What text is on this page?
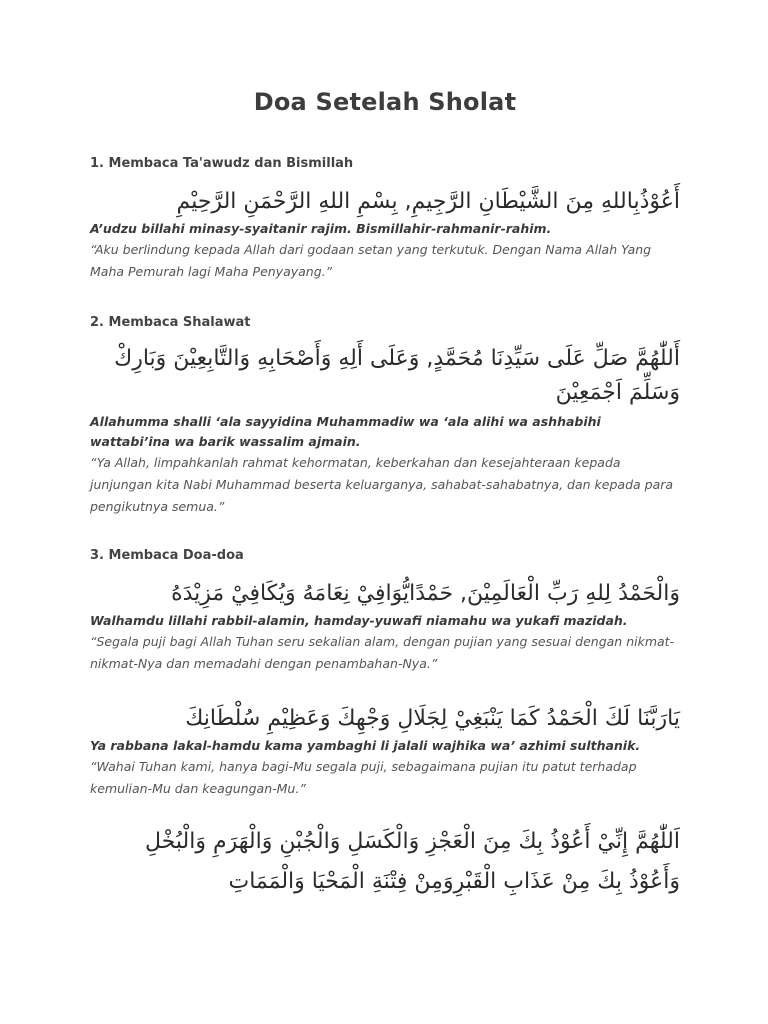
Doa Setelah Sholat

1. Membaca Ta'awudz dan Bismillah

أَعُوْذُبِاللهِ مِنَ الشَّيْطَانِ الرَّجِيمِ, بِسْمِ اللهِ الرَّحْمَنِ الرَّحِيْمِ

A’udzu billahi minasy-syaitanir rajim. Bismillahir-rahmanir-rahim.

“Aku berlindung kepada Allah dari godaan setan yang terkutuk. Dengan Nama Allah Yang Maha Pemurah lagi Maha Penyayang.”

2. Membaca Shalawat

أَللّٰهُمَّ صَلِّ عَلَى سَيِّدِنَا مُحَمَّدٍ, وَعَلَى أَلِهِ وَأَصْحَابِهِ وَالتَّابِعِيْنَ وَبَارِكْ وَسَلِّمَ اَجْمَعِيْنَ

Allahumma shalli ‘ala sayyidina Muhammadiw wa ‘ala alihi wa ashhabihi wattabi’ina wa barik wassalim ajmain.

“Ya Allah, limpahkanlah rahmat kehormatan, keberkahan dan kesejahteraan kepada junjungan kita Nabi Muhammad beserta keluarganya, sahabat-sahabatnya, dan kepada para pengikutnya semua.”

3. Membaca Doa-doa

وَالْحَمْدُ لِلهِ رَبِّ الْعَالَمِيْنَ, حَمْدًايُّوَافِيْ نِعَامَهُ وَيُكَافِيْ مَزِيْدَهُ

Walhamdu lillahi rabbil-alamin, hamday-yuwafi niamahu wa yukafi mazidah.

“Segala puji bagi Allah Tuhan seru sekalian alam, dengan pujian yang sesuai dengan nikmat-nikmat-Nya dan memadahi dengan penambahan-Nya.”

يَارَبَّنَا لَكَ الْحَمْدُ كَمَا يَنْبَغِيْ لِجَلَالِ وَجْهِكَ وَعَظِيْمِ سُلْطَانِكَ

Ya rabbana lakal-hamdu kama yambaghi li jalali wajhika wa’ azhimi sulthanik.

“Wahai Tuhan kami, hanya bagi-Mu segala puji, sebagaimana pujian itu patut terhadap kemulian-Mu dan keagungan-Mu.”

اَللّٰهُمَّ إِنِّيْ أَعُوْذُ بِكَ مِنَ الْعَجْزِ وَالْكَسَلِ وَالْجُبْنِ وَالْهَرَمِ وَالْبُخْلِ وَأَعُوْذُ بِكَ مِنْ عَذَابِ الْقَبْرِوَمِنْ فِتْنَةِ الْمَحْيَا وَالْمَمَاتِ
